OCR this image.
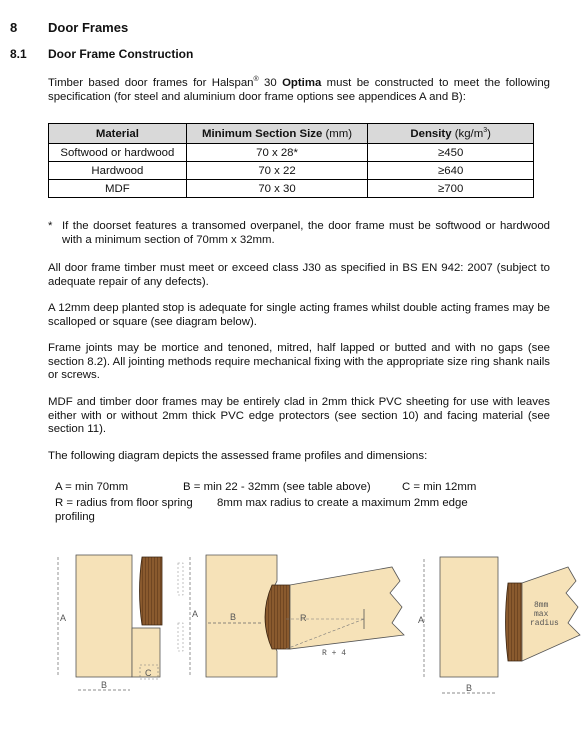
8 Door Frames
8.1 Door Frame Construction
Timber based door frames for Halspan® 30 Optima must be constructed to meet the following specification (for steel and aluminium door frame options see appendices A and B):
Material	Minimum Section Size (mm)	Density $(kg/m^3)$
Softwood or hardwood	70 x 28*	≥450
Hardwood	70 x 22	≥640
MDF	70 x 30	≥700
* If the doorset features a transomed overpanel, the door frame must be softwood or hardwood with a minimum section of 70mm x 32mm.
All door frame timber must meet or exceed class J30 as specified in BS EN 942: 2007 (subject to adequate repair of any defects).
A 12mm deep planted stop is adequate for single acting frames whilst double acting frames may be scalloped or square (see diagram below).
Frame joints may be mortice and tenoned, mitred, half lapped or butted and with no gaps (see section 8.2). All jointing methods require mechanical fixing with the appropriate size ring shank nails or screws.
MDF and timber door frames may be entirely clad in 2mm thick PVC sheeting for use with leaves either with or without 2mm thick PVC edge protectors (see section 10) and facing material (see section 11).
The following diagram depicts the assessed frame profiles and dimensions:
A = min 70mm	B = min 22 - 32mm (see table above)	C = min 12mm
R = radius from floor spring 8mm max radius to create a maximum 2mm edge
profiling
A
B
C
A	B	R
R + 4
A
B
8mm
max
radius
